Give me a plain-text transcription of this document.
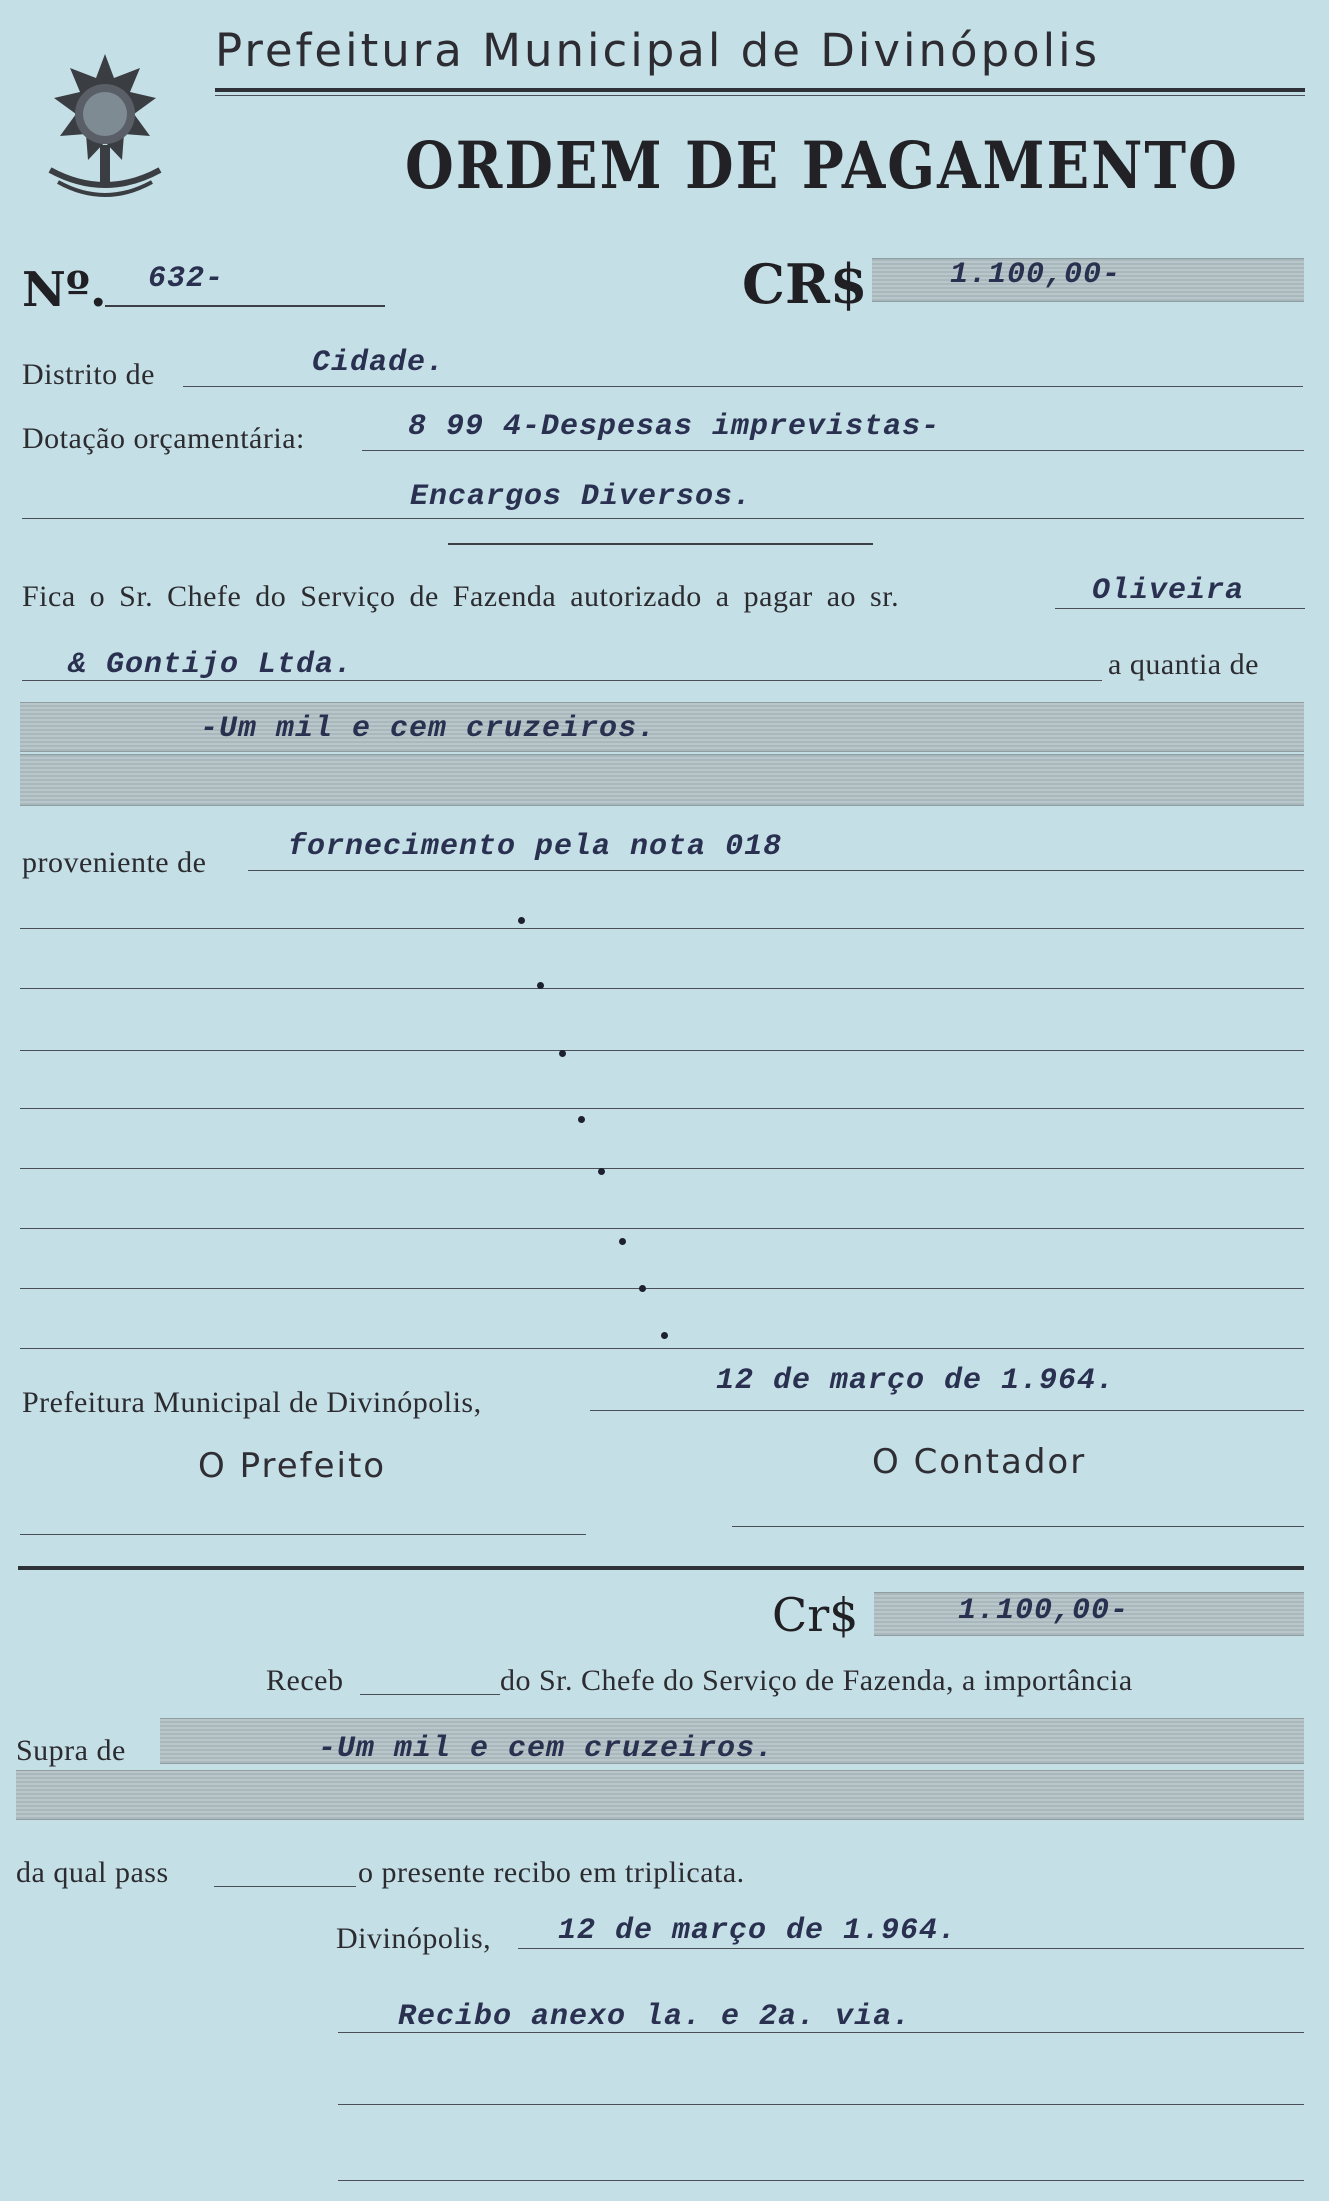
Prefeitura Municipal de Divinópolis
ORDEM DE PAGAMENTO
Nº. 632-	CR$	1.100,00-
Distrito de	Cidade.
Dotação orçamentária:	8 99 4-Despesas imprevistas-
Encargos Diversos.
Fica o Sr. Chefe do Serviço de Fazenda autorizado a pagar ao sr.	Oliveira
& Gontijo Ltda.	a quantia de
-Um mil e cem cruzeiros.
proveniente de	fornecimento pela nota 018
Prefeitura Municipal de Divinópolis,
12 de março de 1.964.
O Prefeito	O Contador
Cr$	1.100,00-
Receb	do Sr. Chefe do Serviço de Fazenda, a importância
Supra de	-Um mil e cem cruzeiros.
da qual pass	o presente recibo em triplicata.
Divinópolis, 12 de março de 1.964.
Recibo anexo la. e 2a. via.
